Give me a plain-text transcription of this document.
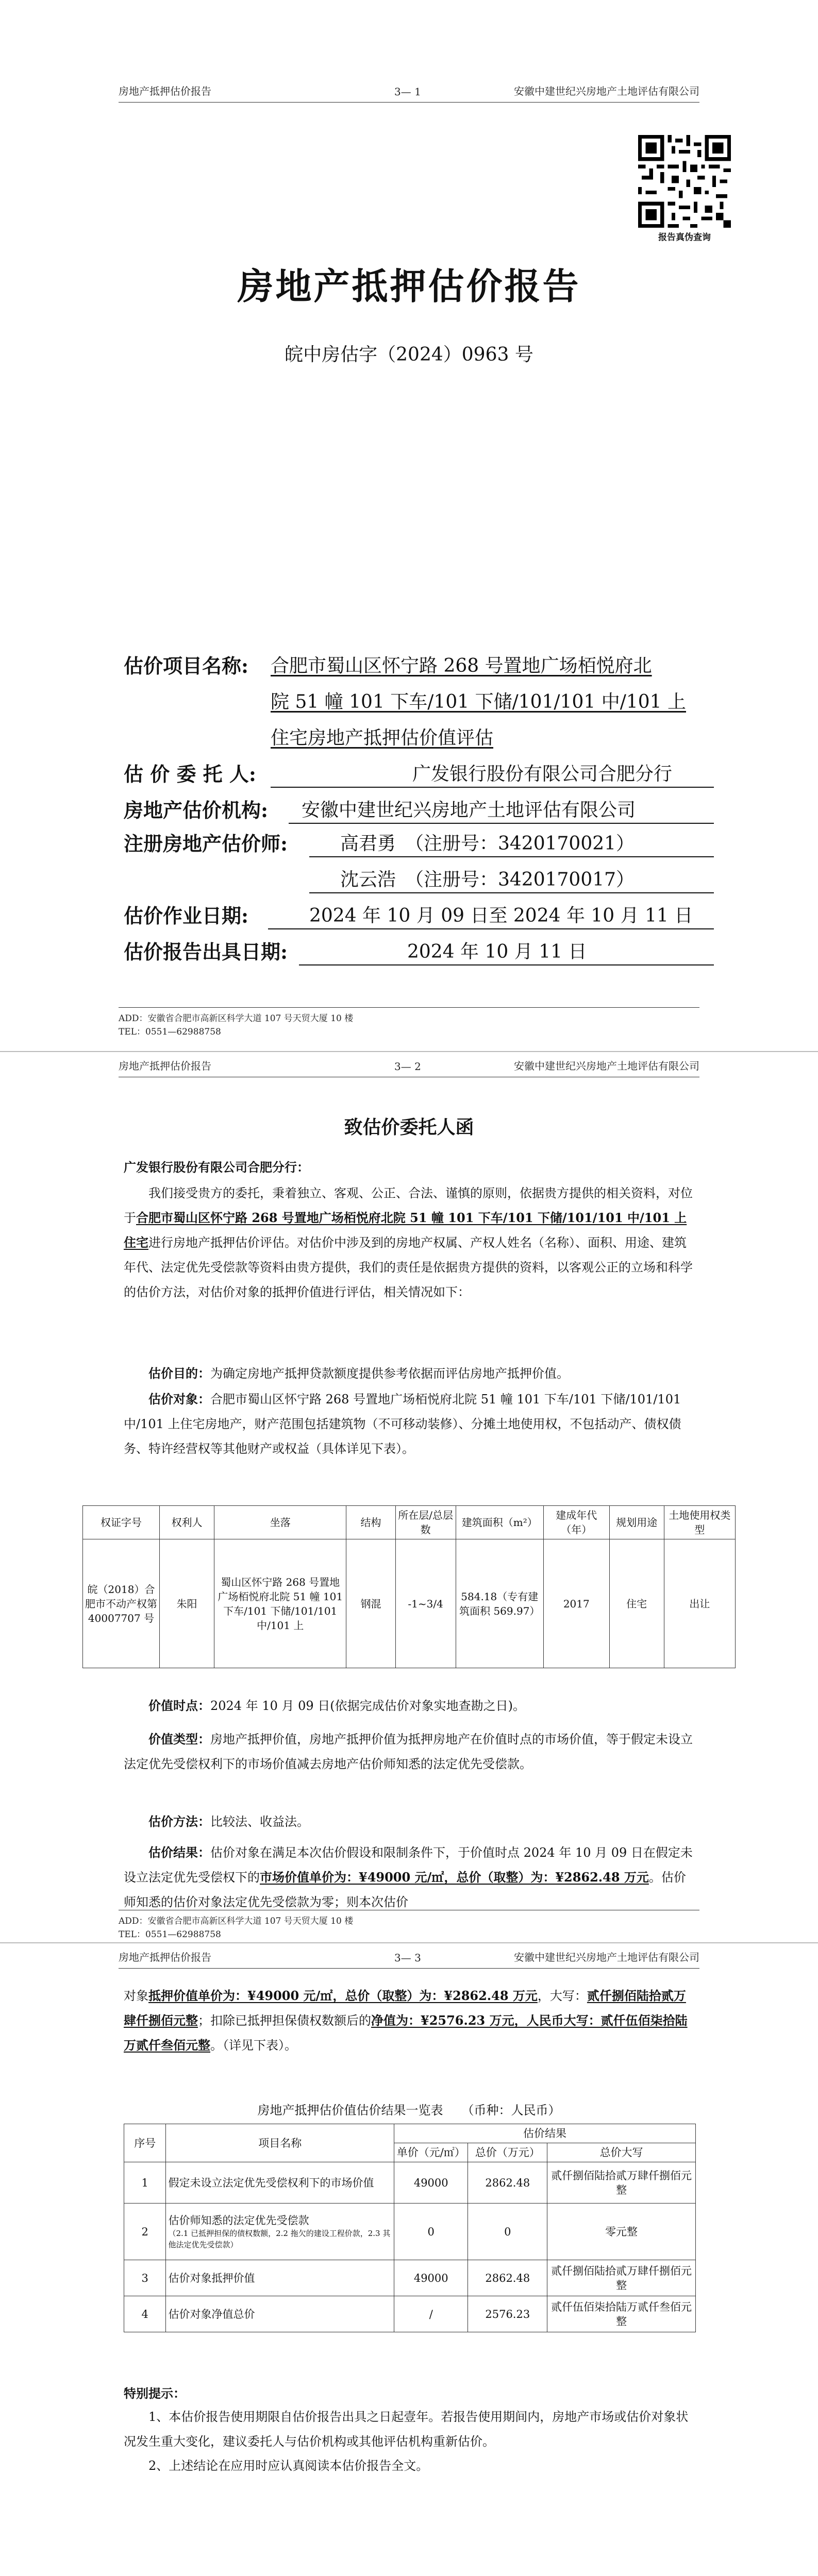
房地产抵押估价报告	3— 1	安徽中建世纪兴房地产土地评估有限公司
报告真伪查询
房地产抵押估价报告
皖中房估字（2024）0963 号
估价项目名称: 合肥市蜀山区怀宁路 268 号置地广场栢悦府北
院 51 幢 101 下车/101 下储/101/101 中/101 上
住宅房地产抵押估价值评估
估 价 委 托 人:	广发银行股份有限公司合肥分行
房地产估价机构: 安徽中建世纪兴房地产土地评估有限公司
注册房地产估价师:	高君勇　（注册号：3420170021）
沈云浩　（注册号：3420170017）
估价作业日期:	2024 年 10 月 09 日至 2024 年 10 月 11 日
估价报告出具日期:	2024 年 10 月 11 日
ADD：安徽省合肥市高新区科学大道 107 号天贸大厦 10 楼
TEL：0551—62988758
房地产抵押估价报告	3— 2	安徽中建世纪兴房地产土地评估有限公司
致估价委托人函
广发银行股份有限公司合肥分行：
我们接受贵方的委托，秉着独立、客观、公正、合法、谨慎的原则，依据贵方提供的相关资料，对位于合肥市蜀山区怀宁路 268 号置地广场栢悦府北院 51 幢 101 下车/101 下储/101/101 中/101 上住宅进行房地产抵押估价评估。对估价中涉及到的房地产权属、产权人姓名（名称）、面积、用途、建筑年代、法定优先受偿款等资料由贵方提供，我们的责任是依据贵方提供的资料，以客观公正的立场和科学的估价方法，对估价对象的抵押价值进行评估，相关情况如下：
估价目的：为确定房地产抵押贷款额度提供参考依据而评估房地产抵押价值。
估价对象：合肥市蜀山区怀宁路 268 号置地广场栢悦府北院 51 幢 101 下车/101 下储/101/101 中/101 上住宅房地产，财产范围包括建筑物（不可移动装修）、分摊土地使用权，不包括动产、债权债务、特许经营权等其他财产或权益（具体详见下表）。
权证字号	权利人	坐落	结构	所在层/总层数	建筑面积（m²）	建成年代（年）	规划用途	土地使用权类型
皖（2018）合肥市不动产权第 40007707 号	朱阳	蜀山区怀宁路 268 号置地广场栢悦府北院 51 幢 101 下车/101 下储/101/101 中/101 上	钢混	-1~3/4	584.18（专有建筑面积 569.97）	2017	住宅	出让
价值时点：2024 年 10 月 09 日(依据完成估价对象实地查勘之日)。
价值类型：房地产抵押价值，房地产抵押价值为抵押房地产在价值时点的市场价值，等于假定未设立法定优先受偿权利下的市场价值减去房地产估价师知悉的法定优先受偿款。
估价方法：比较法、收益法。
估价结果：估价对象在满足本次估价假设和限制条件下，于价值时点 2024 年 10 月 09 日在假定未设立法定优先受偿权下的市场价值单价为：¥49000 元/㎡，总价（取整）为：¥2862.48 万元。估价师知悉的估价对象法定优先受偿款为零；则本次估价
ADD：安徽省合肥市高新区科学大道 107 号天贸大厦 10 楼
TEL：0551—62988758
房地产抵押估价报告	3— 3	安徽中建世纪兴房地产土地评估有限公司
对象抵押价值单价为：¥49000 元/㎡，总价（取整）为：¥2862.48 万元，大写：贰仟捌佰陆拾贰万肆仟捌佰元整；扣除已抵押担保债权数额后的净值为：¥2576.23 万元，人民币大写：贰仟伍佰柒拾陆万贰仟叁佰元整。（详见下表）。
房地产抵押估价值估价结果一览表　　（币种：人民币）
序号	项目名称	估价结果		
		单价（元/㎡）	总价（万元）	总价大写
1	假定未设立法定优先受偿权利下的市场价值	49000	2862.48	贰仟捌佰陆拾贰万肆仟捌佰元整
2	估价师知悉的法定优先受偿款
（2.1 已抵押担保的债权数额，2.2 拖欠的建设工程价款，2.3 其他法定优先受偿款）	0	0	零元整
3	估价对象抵押价值	49000	2862.48	贰仟捌佰陆拾贰万肆仟捌佰元整
4	估价对象净值总价	/	2576.23	贰仟伍佰柒拾陆万贰仟叁佰元整
特别提示：
1、本估价报告使用期限自估价报告出具之日起壹年。若报告使用期间内，房地产市场或估价对象状况发生重大变化，建议委托人与估价机构或其他评估机构重新估价。
2、上述结论在应用时应认真阅读本估价报告全文。
